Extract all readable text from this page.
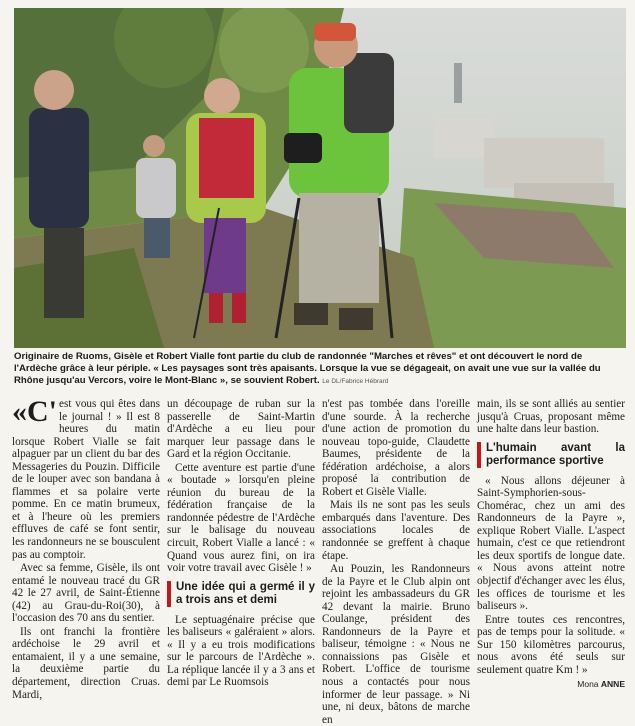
Originaire de Ruoms, Gisèle et Robert Vialle font partie du club de randonnée "Marches et rêves" et ont découvert le nord de l'Ardèche grâce à leur périple. « Les paysages sont très apaisants. Lorsque la vue se dégageait, on avait une vue sur la vallée du Rhône jusqu'au Vercors, voire le Mont-Blanc », se souvient Robert. Le DL/Fabrice Hébrard

«C' est vous qui êtes dans le journal ! » Il est 8 heures du matin lorsque Robert Vialle se fait alpaguer par un client du bar des Messageries du Pouzin. Difficile de le louper avec son bandana à flammes et sa polaire verte pomme. En ce matin brumeux, et à l'heure où les premiers effluves de café se font sentir, les randonneurs ne se bousculent pas au comptoir.

Avec sa femme, Gisèle, ils ont entamé le nouveau tracé du GR 42 le 27 avril, de Saint-Étienne (42) au Grau-du-Roi(30), à l'occasion des 70 ans du sentier.

Ils ont franchi la frontière ardéchoise le 29 avril et entamaient, il y a une semaine, la deuxième partie du département, direction Cruas. Mardi,

un découpage de ruban sur la passerelle de Saint-Martin d'Ardèche a eu lieu pour marquer leur passage dans le Gard et la région Occitanie.

Cette aventure est partie d'une « boutade » lorsqu'en pleine réunion du bureau de la fédération française de la randonnée pédestre de l'Ardèche sur le balisage du nouveau circuit, Robert Vialle a lancé : « Quand vous aurez fini, on ira voir votre travail avec Gisèle ! »

Une idée qui a germé il y a trois ans et demi

Le septuagénaire précise que les baliseurs « galéraient » alors. « Il y a eu trois modifications sur le parcours de l'Ardèche ». La réplique lancée il y a 3 ans et demi par Le Ruomsois

n'est pas tombée dans l'oreille d'une sourde. À la recherche d'une action de promotion du nouveau topo-guide, Claudette Baumes, présidente de la fédération ardéchoise, a alors proposé la contribution de Robert et Gisèle Vialle.

Mais ils ne sont pas les seuls embarqués dans l'aventure. Des associations locales de randonnée se greffent à chaque étape.

Au Pouzin, les Randonneurs de la Payre et le Club alpin ont rejoint les ambassadeurs du GR 42 devant la mairie. Bruno Coulange, président des Randonneurs de la Payre et baliseur, témoigne : « Nous ne connaissions pas Gisèle et Robert. L'office de tourisme nous a contactés pour nous informer de leur passage. » Ni une, ni deux, bâtons de marche en

main, ils se sont alliés au sentier jusqu'à Cruas, proposant même une halte dans leur bastion.

L'humain avant la performance sportive

« Nous allons déjeuner à Saint-Symphorien-sous-Chomérac, chez un ami des Randonneurs de la Payre », explique Robert Vialle. L'aspect humain, c'est ce que retiendront les deux sportifs de longue date. « Nous avons atteint notre objectif d'échanger avec les élus, les offices de tourisme et les baliseurs ».

Entre toutes ces rencontres, pas de temps pour la solitude. « Sur 150 kilomètres parcourus, nous avons été seuls sur seulement quatre Km ! »

Mona ANNE
